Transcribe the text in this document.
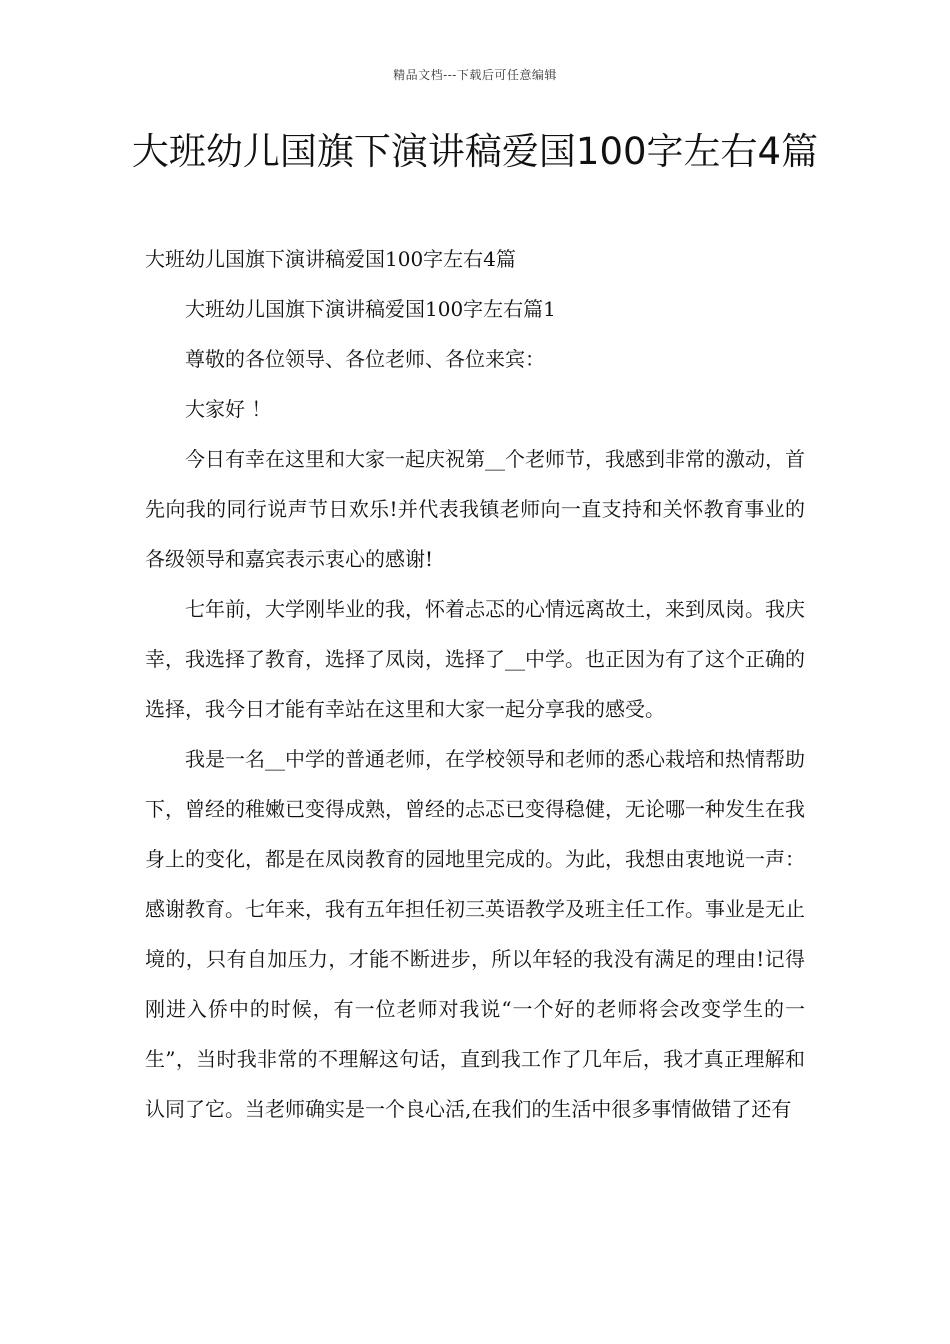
精品文档---下载后可任意编辑
大班幼儿国旗下演讲稿爱国100字左右4篇

大班幼儿国旗下演讲稿爱国100字左右4篇

大班幼儿国旗下演讲稿爱国100字左右篇1

尊敬的各位领导、各位老师、各位来宾：

大家好 ！

今日有幸在这里和大家一起庆祝第__个老师节，我感到非常的激动，首先向我的同行说声节日欢乐!并代表我镇老师向一直支持和关怀教育事业的各级领导和嘉宾表示衷心的感谢!

七年前，大学刚毕业的我，怀着忐忑的心情远离故土，来到凤岗。我庆幸，我选择了教育，选择了凤岗，选择了__中学。也正因为有了这个正确的选择，我今日才能有幸站在这里和大家一起分享我的感受。

我是一名__中学的普通老师，在学校领导和老师的悉心栽培和热情帮助下，曾经的稚嫩已变得成熟，曾经的忐忑已变得稳健，无论哪一种发生在我身上的变化，都是在凤岗教育的园地里完成的。为此，我想由衷地说一声：感谢教育。七年来，我有五年担任初三英语教学及班主任工作。事业是无止境的，只有自加压力，才能不断进步，所以年轻的我没有满足的理由!记得刚进入侨中的时候，有一位老师对我说“一个好的老师将会改变学生的一生”，当时我非常的不理解这句话，直到我工作了几年后，我才真正理解和认同了它。当老师确实是一个良心活,在我们的生活中很多事情做错了还有
